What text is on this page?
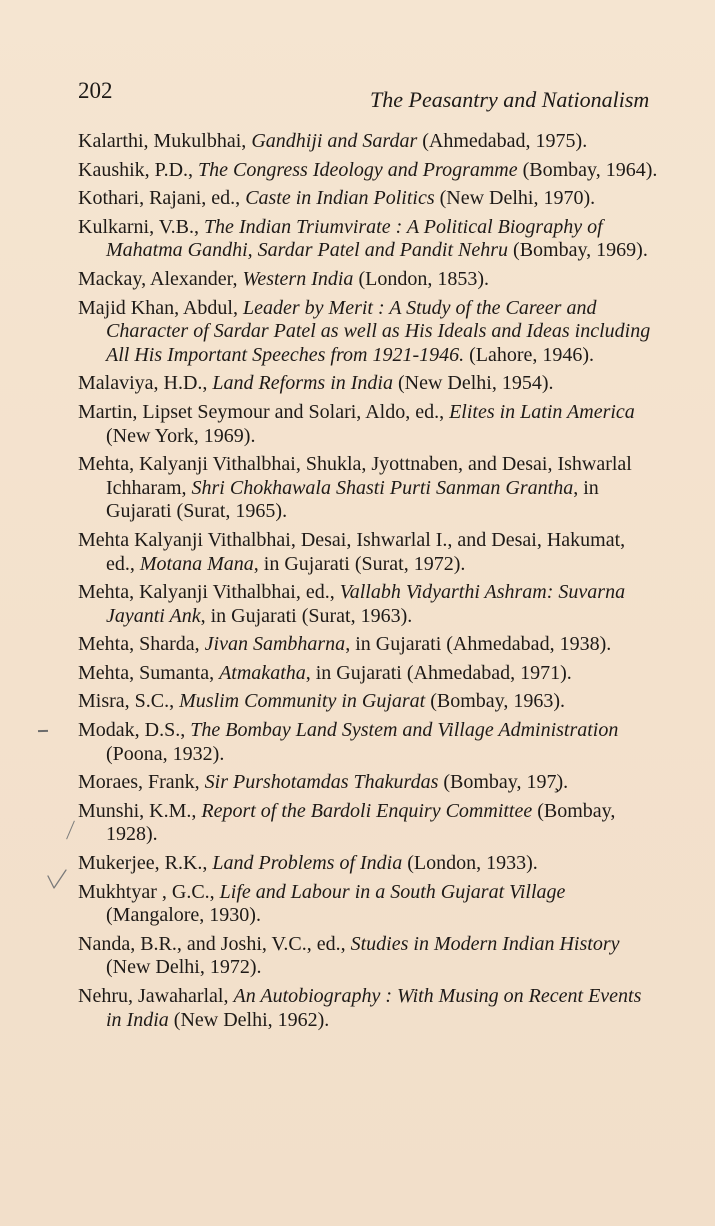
202	The Peasantry and Nationalism
Kalarthi, Mukulbhai, Gandhiji and Sardar (Ahmedabad, 1975).
Kaushik, P.D., The Congress Ideology and Programme (Bombay, 1964).
Kothari, Rajani, ed., Caste in Indian Politics (New Delhi, 1970).
Kulkarni, V.B., The Indian Triumvirate : A Political Biography of Mahatma Gandhi, Sardar Patel and Pandit Nehru (Bombay, 1969).
Mackay, Alexander, Western India (London, 1853).
Majid Khan, Abdul, Leader by Merit : A Study of the Career and Character of Sardar Patel as well as His Ideals and Ideas including All His Important Speeches from 1921-1946. (Lahore, 1946).
Malaviya, H.D., Land Reforms in India (New Delhi, 1954).
Martin, Lipset Seymour and Solari, Aldo, ed., Elites in Latin America (New York, 1969).
Mehta, Kalyanji Vithalbhai, Shukla, Jyottnaben, and Desai, Ishwarlal Ichharam, Shri Chokhawala Shasti Purti Sanman Grantha, in Gujarati (Surat, 1965).
Mehta Kalyanji Vithalbhai, Desai, Ishwarlal I., and Desai, Hakumat, ed., Motana Mana, in Gujarati (Surat, 1972).
Mehta, Kalyanji Vithalbhai, ed., Vallabh Vidyarthi Ashram: Suvarna Jayanti Ank, in Gujarati (Surat, 1963).
Mehta, Sharda, Jivan Sambharna, in Gujarati (Ahmedabad, 1938).
Mehta, Sumanta, Atmakatha, in Gujarati (Ahmedabad, 1971).
Misra, S.C., Muslim Community in Gujarat (Bombay, 1963).
Modak, D.S., The Bombay Land System and Village Administration (Poona, 1932).
Moraes, Frank, Sir Purshotamdas Thakurdas (Bombay, 197̧).
Munshi, K.M., Report of the Bardoli Enquiry Committee (Bombay, 1928).
Mukerjee, R.K., Land Problems of India (London, 1933).
Mukhtyar , G.C., Life and Labour in a South Gujarat Village (Mangalore, 1930).
Nanda, B.R., and Joshi, V.C., ed., Studies in Modern Indian History (New Delhi, 1972).
Nehru, Jawaharlal, An Autobiography : With Musing on Recent Events in India (New Delhi, 1962).
